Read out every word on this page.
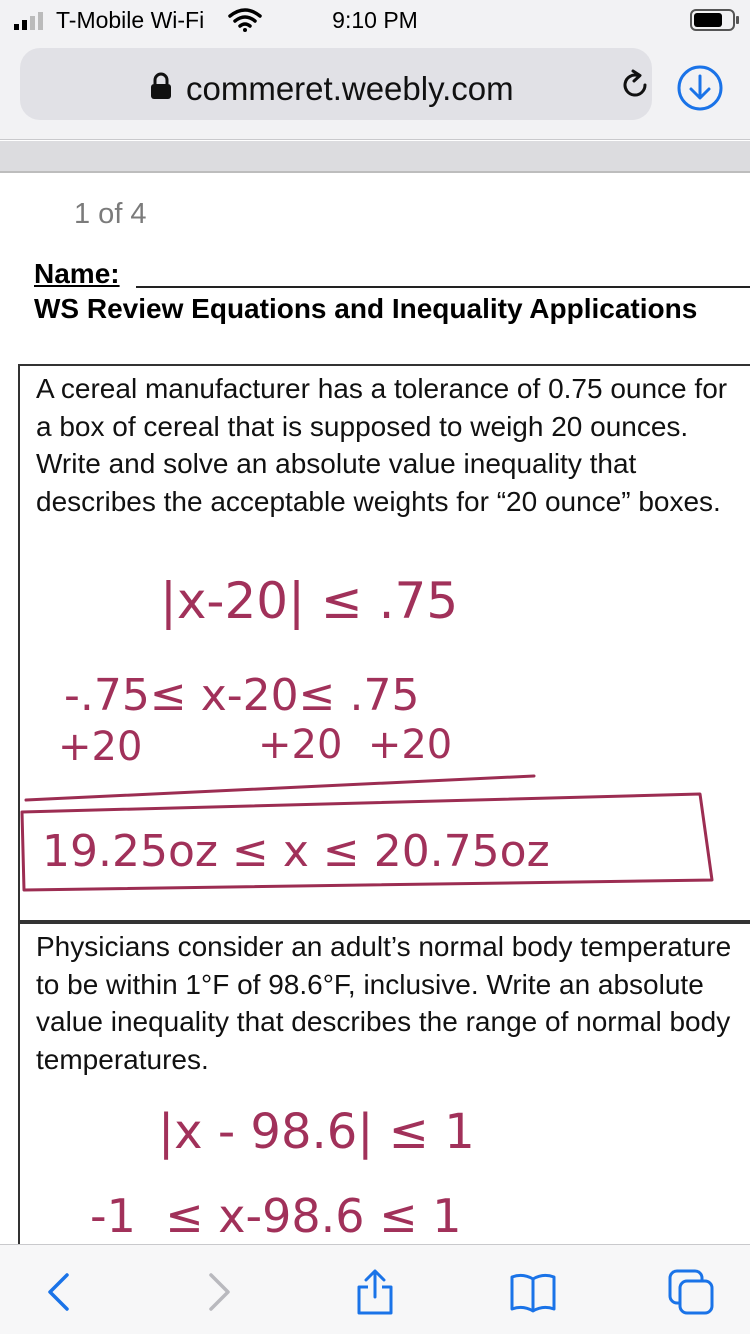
T-Mobile Wi-Fi	9:10 PM
commeret.weebly.com
1 of 4
Name:
WS Review Equations and Inequality Applications
A cereal manufacturer has a tolerance of 0.75 ounce for a box of cereal that is supposed to weigh 20 ounces. Write and solve an absolute value inequality that describes the acceptable weights for “20 ounce” boxes.
Physicians consider an adult’s normal body temperature to be within 1°F of 98.6°F, inclusive. Write an absolute value inequality that describes the range of normal body temperatures.
|x-20| ≤ .75
-.75≤ x-20≤ .75
+20	+20  +20
19.25oz ≤ x ≤ 20.75oz
|x - 98.6| ≤ 1
-1  ≤ x-98.6 ≤ 1
